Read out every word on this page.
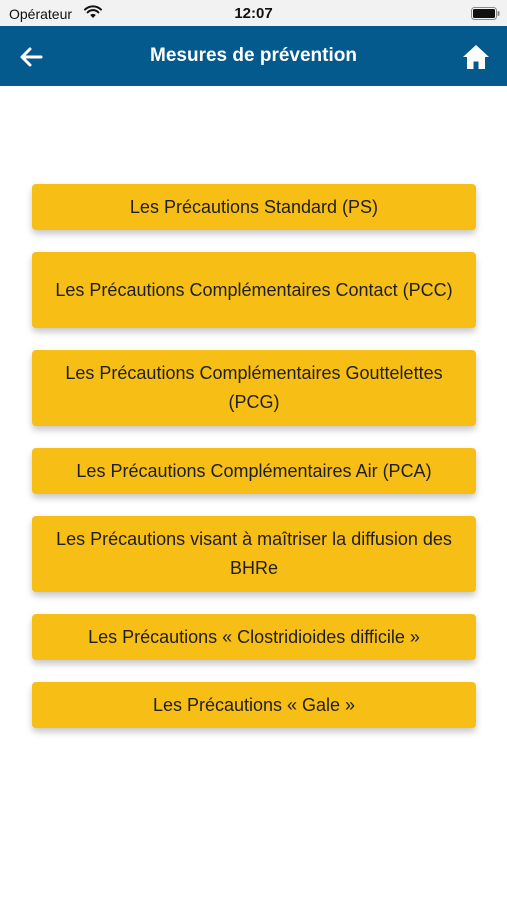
Opérateur	12:07
Mesures de prévention
Les Précautions Standard (PS)
Les Précautions Complémentaires Contact (PCC)
Les Précautions Complémentaires Gouttelettes (PCG)
Les Précautions Complémentaires Air (PCA)
Les Précautions visant à maîtriser la diffusion des BHRe
Les Précautions « Clostridioides difficile »
Les Précautions « Gale »
